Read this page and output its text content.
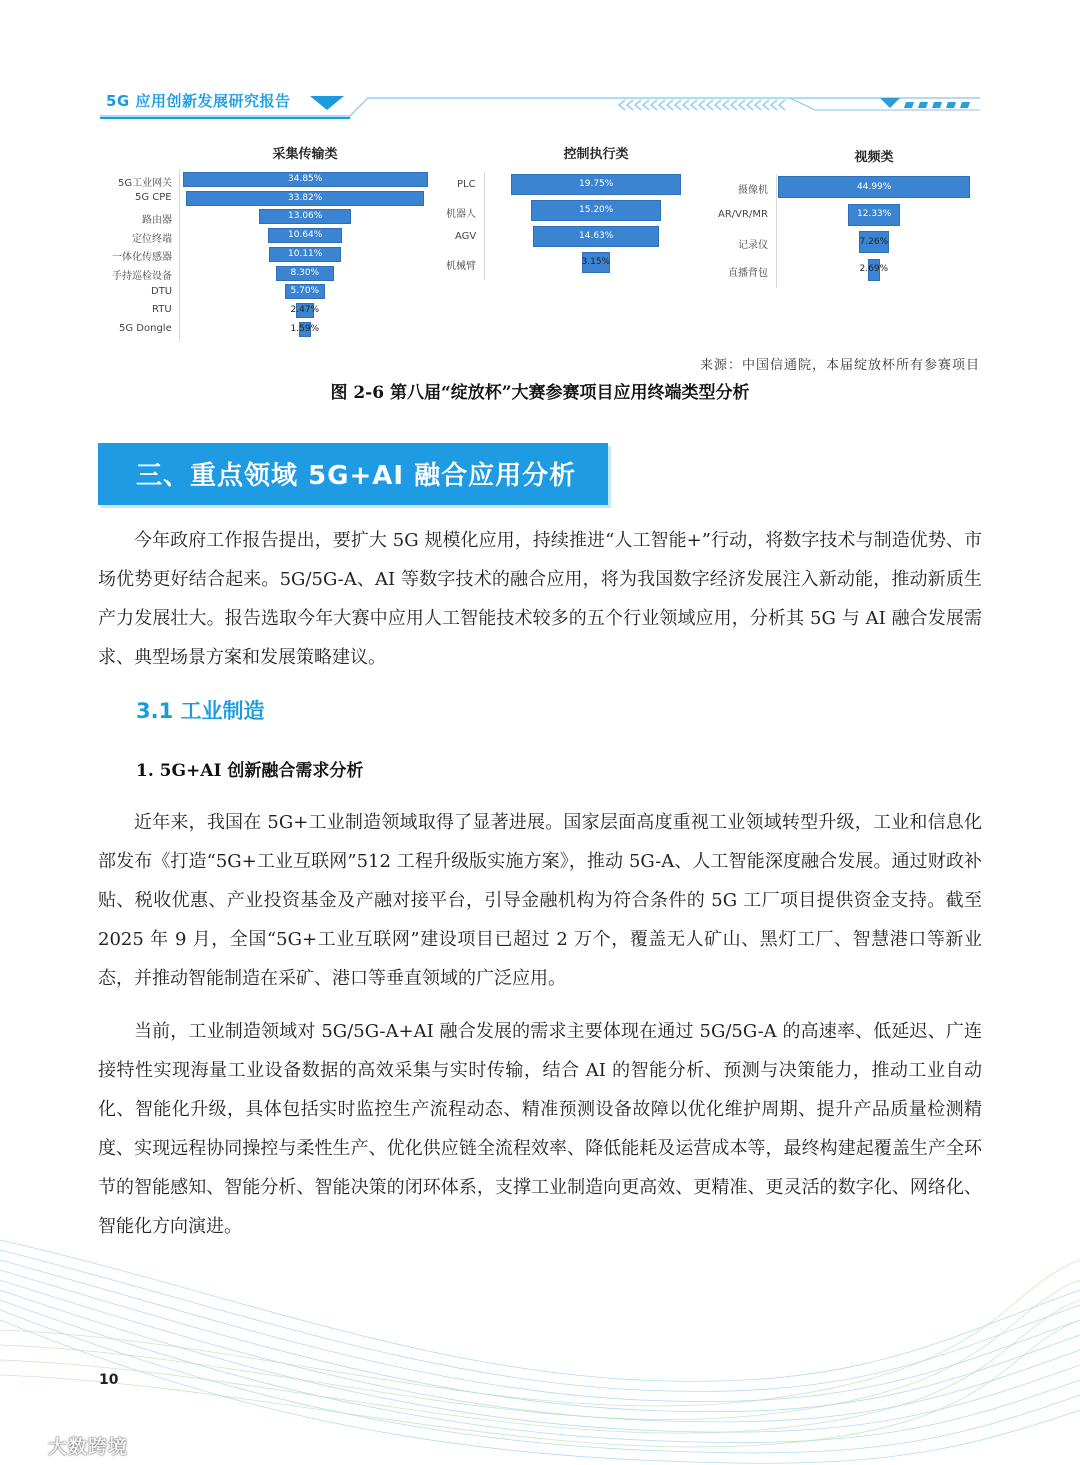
5G 应用创新发展研究报告
采集传输类
5G工业网关	34.85%
5G CPE	33.82%
路由器	13.06%
定位终端	10.64%
一体化传感器	10.11%
手持巡检设备	8.30%
DTU	5.70%
RTU	2.47%
5G Dongle	1.59%
控制执行类
PLC	19.75%
机器人	15.20%
AGV	14.63%
机械臂	3.15%
视频类
摄像机	44.99%
AR/VR/MR	12.33%
记录仪	7.26%
直播背包	2.69%
来源：中国信通院，本届绽放杯所有参赛项目
图 2-6 第八届“绽放杯”大赛参赛项目应用终端类型分析
三、重点领域 5G+AI 融合应用分析

今年政府工作报告提出，要扩大 5G 规模化应用，持续推进“人工智能+”行动，将数字技术与制造优势、市场优势更好结合起来。5G/5G-A、AI 等数字技术的融合应用，将为我国数字经济发展注入新动能，推动新质生产力发展壮大。报告选取今年大赛中应用人工智能技术较多的五个行业领域应用，分析其 5G 与 AI 融合发展需求、典型场景方案和发展策略建议。

3.1 工业制造
1. 5G+AI 创新融合需求分析

近年来，我国在 5G+工业制造领域取得了显著进展。国家层面高度重视工业领域转型升级，工业和信息化部发布《打造“5G+工业互联网”512 工程升级版实施方案》，推动 5G-A、人工智能深度融合发展。通过财政补贴、税收优惠、产业投资基金及产融对接平台，引导金融机构为符合条件的 5G 工厂项目提供资金支持。截至 2025 年 9 月，全国“5G+工业互联网”建设项目已超过 2 万个，覆盖无人矿山、黑灯工厂、智慧港口等新业态，并推动智能制造在采矿、港口等垂直领域的广泛应用。

当前，工业制造领域对 5G/5G-A+AI 融合发展的需求主要体现在通过 5G/5G-A 的高速率、低延迟、广连接特性实现海量工业设备数据的高效采集与实时传输，结合 AI 的智能分析、预测与决策能力，推动工业自动化、智能化升级，具体包括实时监控生产流程动态、精准预测设备故障以优化维护周期、提升产品质量检测精度、实现远程协同操控与柔性生产、优化供应链全流程效率、降低能耗及运营成本等，最终构建起覆盖生产全环节的智能感知、智能分析、智能决策的闭环体系，支撑工业制造向更高效、更精准、更灵活的数字化、网络化、智能化方向演进。

10
大数跨境
